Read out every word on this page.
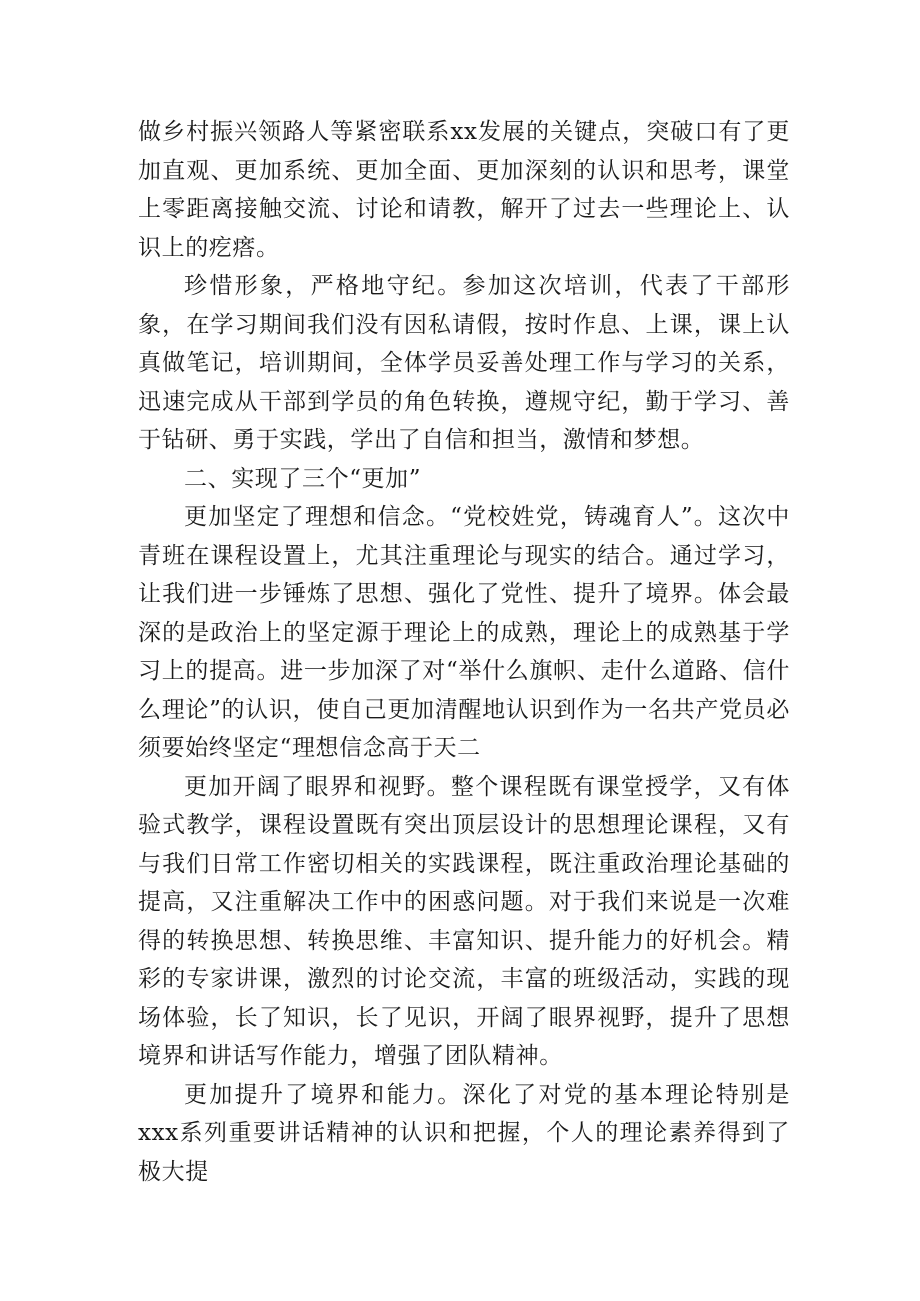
做乡村振兴领路人等紧密联系xx发展的关键点，突破口有了更加直观、更加系统、更加全面、更加深刻的认识和思考，课堂上零距离接触交流、讨论和请教，解开了过去一些理论上、认识上的疙瘩。

珍惜形象，严格地守纪。参加这次培训，代表了干部形象，在学习期间我们没有因私请假，按时作息、上课，课上认真做笔记，培训期间，全体学员妥善处理工作与学习的关系，迅速完成从干部到学员的角色转换，遵规守纪，勤于学习、善于钻研、勇于实践，学出了自信和担当，激情和梦想。

二、实现了三个“更加”

更加坚定了理想和信念。“党校姓党，铸魂育人”。这次中青班在课程设置上，尤其注重理论与现实的结合。通过学习，让我们进一步锤炼了思想、强化了党性、提升了境界。体会最深的是政治上的坚定源于理论上的成熟，理论上的成熟基于学习上的提高。进一步加深了对“举什么旗帜、走什么道路、信什么理论”的认识，使自己更加清醒地认识到作为一名共产党员必须要始终坚定“理想信念高于天二

更加开阔了眼界和视野。整个课程既有课堂授学，又有体验式教学，课程设置既有突出顶层设计的思想理论课程，又有与我们日常工作密切相关的实践课程，既注重政治理论基础的提高，又注重解决工作中的困惑问题。对于我们来说是一次难得的转换思想、转换思维、丰富知识、提升能力的好机会。精彩的专家讲课，激烈的讨论交流，丰富的班级活动，实践的现场体验，长了知识，长了见识，开阔了眼界视野，提升了思想境界和讲话写作能力，增强了团队精神。

更加提升了境界和能力。深化了对党的基本理论特别是xxx系列重要讲话精神的认识和把握，个人的理论素养得到了极大提
